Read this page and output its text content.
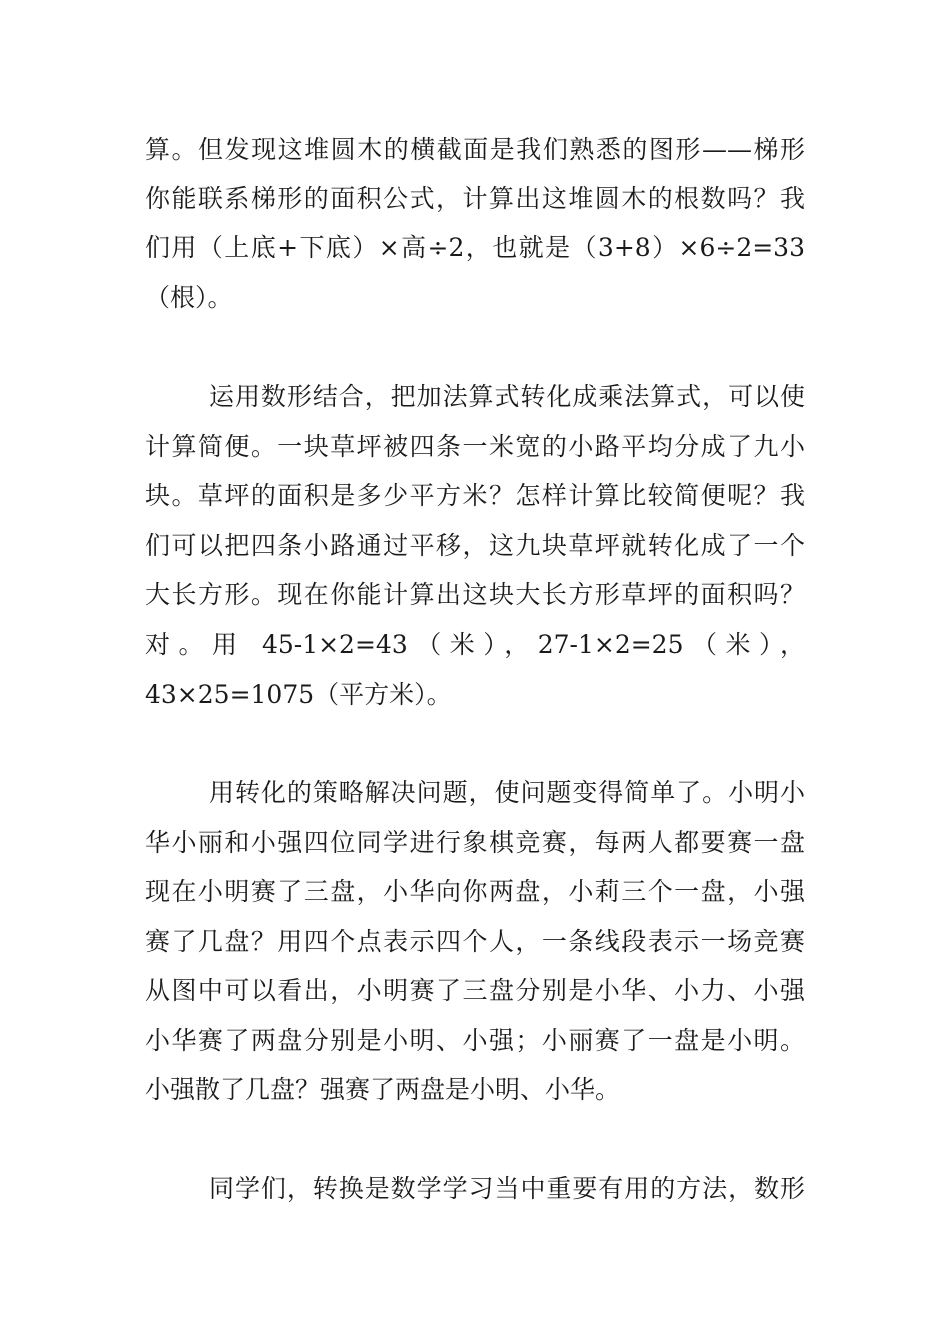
算。但发现这堆圆木的横截面是我们熟悉的图形——梯形
你能联系梯形的面积公式，计算出这堆圆木的根数吗？我
们用（上底+下底）×高÷2，也就是（3+8）×6÷2=33
（根）。
运用数形结合，把加法算式转化成乘法算式，可以使
计算简便。一块草坪被四条一米宽的小路平均分成了九小
块。草坪的面积是多少平方米？怎样计算比较简便呢？我
们可以把四条小路通过平移，这九块草坪就转化成了一个
大长方形。现在你能计算出这块大长方形草坪的面积吗？
对。用 45-1×2=43（米），27-1×2=25（米），
43×25=1075（平方米）。
用转化的策略解决问题，使问题变得简单了。小明小
华小丽和小强四位同学进行象棋竞赛，每两人都要赛一盘
现在小明赛了三盘，小华向你两盘，小莉三个一盘，小强
赛了几盘？用四个点表示四个人，一条线段表示一场竞赛
从图中可以看出，小明赛了三盘分别是小华、小力、小强
小华赛了两盘分别是小明、小强；小丽赛了一盘是小明。
小强散了几盘？强赛了两盘是小明、小华。
同学们，转换是数学学习当中重要有用的方法，数形
